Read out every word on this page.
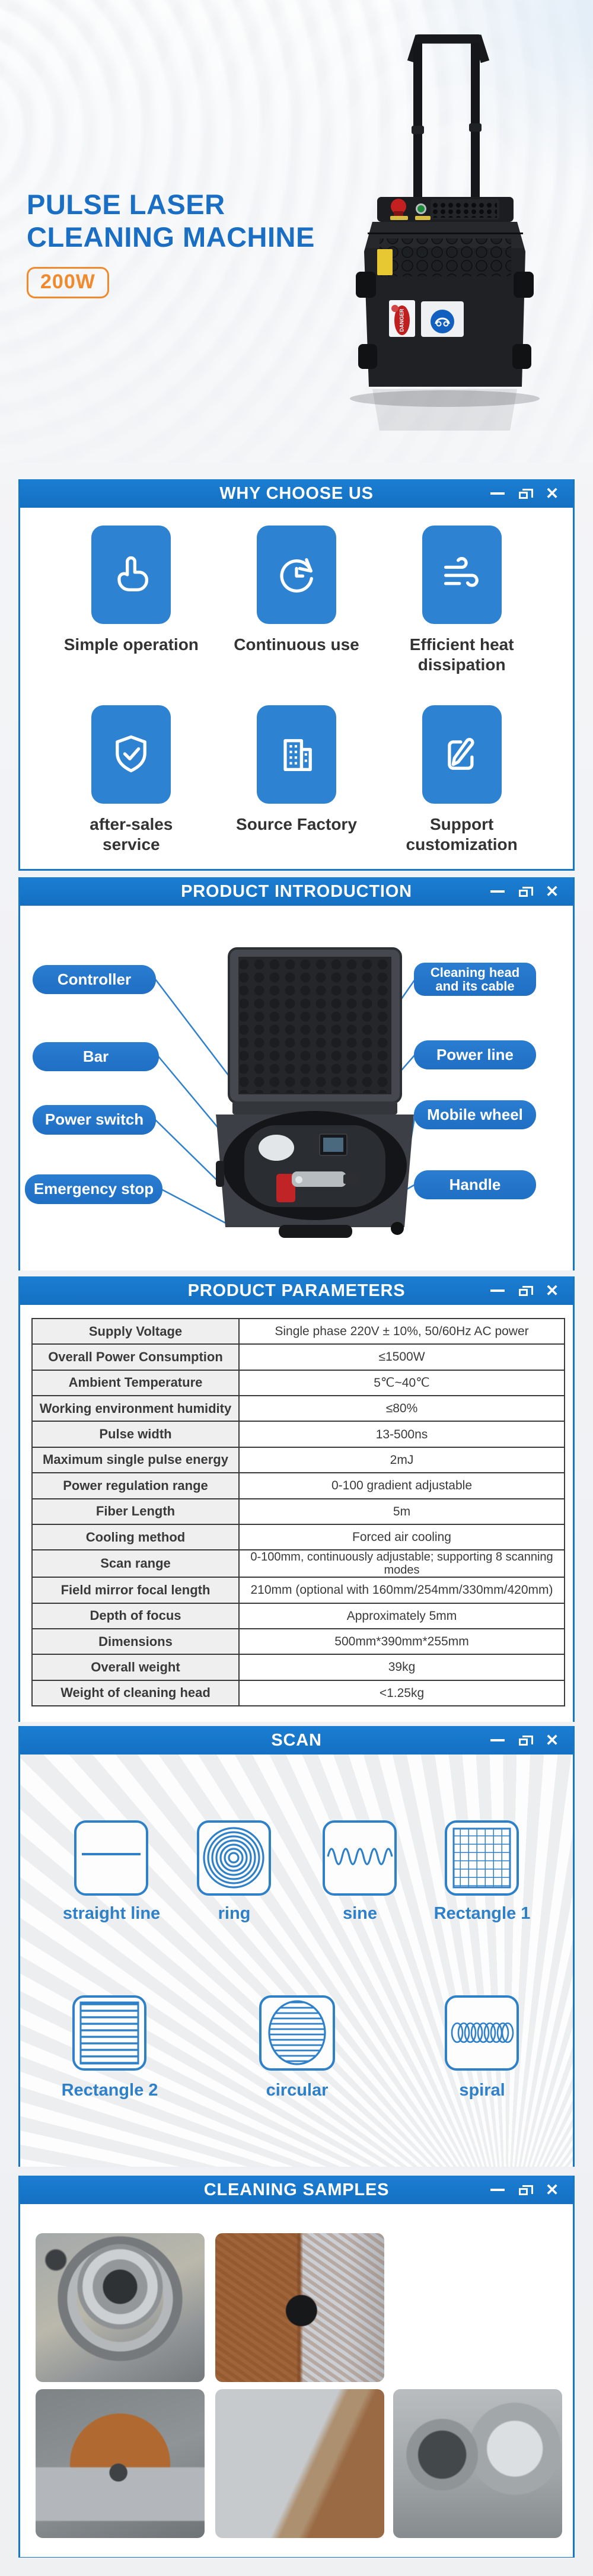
DANGER
PULSE LASER
CLEANING MACHINE
200W
WHY CHOOSE US	✕
Simple operation	Continuous use	Efficient heat dissipation
after-sales service
Source Factory	Support customization
PRODUCT INTRODUCTION	✕
Controller
Bar
Power switch
Emergency stop
Cleaning head and its cable
Power line
Mobile wheel
Handle
PRODUCT PARAMETERS	✕
Supply Voltage	Single phase 220V ± 10%, 50/60Hz AC power
Overall Power Consumption	≤1500W
Ambient Temperature	5℃~40℃
Working environment humidity	≤80%
Pulse width	13-500ns
Maximum single pulse energy	2mJ
Power regulation range	0-100 gradient adjustable
Fiber Length	5m
Cooling method	Forced air cooling
Scan range	0-100mm, continuously adjustable; supporting 8 scanning modes
Field mirror focal length	210mm (optional with 160mm/254mm/330mm/420mm)
Depth of focus	Approximately 5mm
Dimensions	500mm*390mm*255mm
Overall weight	39kg
Weight of cleaning head	<1.25kg
SCAN	✕
straight line	ring	sine	Rectangle 1
Rectangle 2	circular	spiral
CLEANING SAMPLES	✕
